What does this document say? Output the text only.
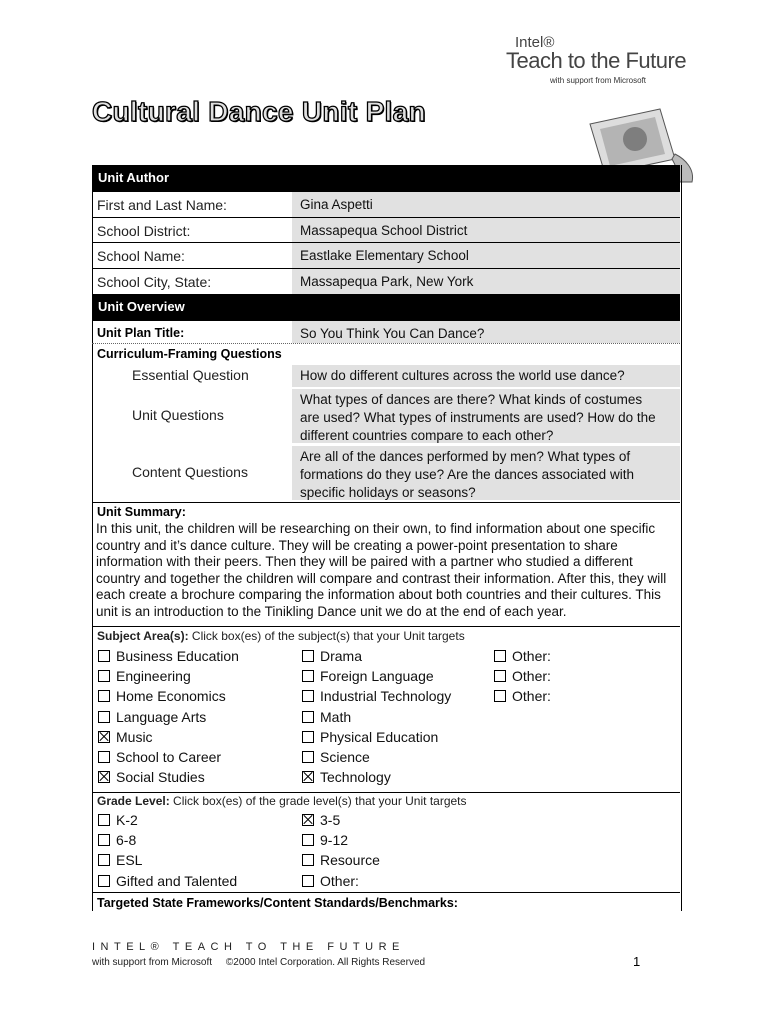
Intel®
Teach to the Future
with support from Microsoft
Cultural Dance Unit Plan
Unit Author
First and Last Name:	Gina Aspetti
School District:	Massapequa School District
School Name:	Eastlake Elementary School
School City, State:	Massapequa Park, New York
Unit Overview
Unit Plan Title:	So You Think You Can Dance?
Curriculum-Framing Questions
Essential Question	How do different cultures across the world use dance?
Unit Questions
What types of dances are there? What kinds of costumes are used? What types of instruments are used? How do the different countries compare to each other?
Content Questions
Are all of the dances performed by men? What types of formations do they use? Are the dances associated with specific holidays or seasons?
Unit Summary:
In this unit, the children will be researching on their own, to find information about one specific country and it’s dance culture. They will be creating a power-point presentation to share information with their peers. Then they will be paired with a partner who studied a different country and together the children will compare and contrast their information. After this, they will each create a brochure comparing the information about both countries and their cultures. This unit is an introduction to the Tinikling Dance unit we do at the end of each year.
Subject Area(s): Click box(es) of the subject(s) that your Unit targets
Business Education
Engineering
Home Economics
Language Arts
Music
School to Career
Social Studies
Drama
Foreign Language
Industrial Technology
Math
Physical Education
Science
Technology
Other:
Other:
Other:
Grade Level: Click box(es) of the grade level(s) that your Unit targets
K-2
6-8
ESL
Gifted and Talented
3-5
9-12
Resource
Other:
Targeted State Frameworks/Content Standards/Benchmarks:
INTEL® TEACH TO THE FUTURE
with support from Microsoft     ©2000 Intel Corporation. All Rights Reserved	1
